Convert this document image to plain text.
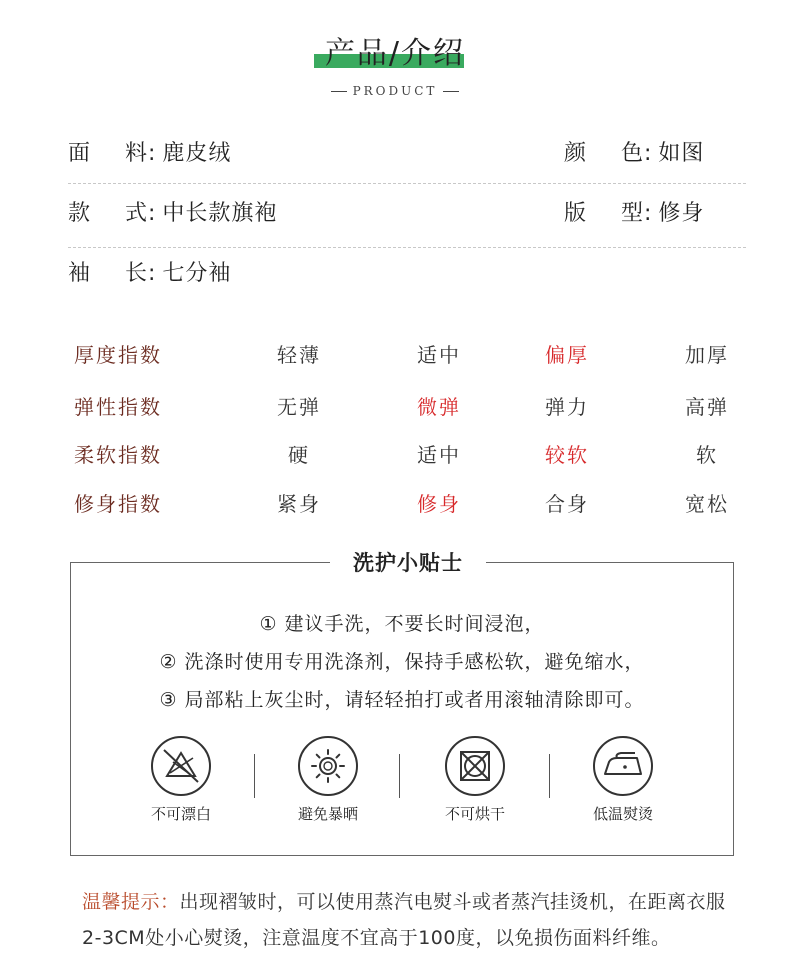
产品/介绍
PRODUCT
面料: 鹿皮绒	颜色: 如图
款式: 中长款旗袍	版型: 修身
袖长: 七分袖
厚度指数	轻薄	适中	偏厚	加厚
弹性指数	无弹	微弹	弹力	高弹
柔软指数	硬	适中	较软	软
修身指数	紧身	修身	合身	宽松
洗护小贴士
① 建议手洗，不要长时间浸泡，
② 洗涤时使用专用洗涤剂，保持手感松软，避免缩水，
③ 局部粘上灰尘时，请轻轻拍打或者用滚轴清除即可。
不可漂白	避免暴晒	不可烘干	低温熨烫
温馨提示：出现褶皱时，可以使用蒸汽电熨斗或者蒸汽挂烫机，在距离衣服2-3CM处小心熨烫，注意温度不宜高于100度，以免损伤面料纤维。
